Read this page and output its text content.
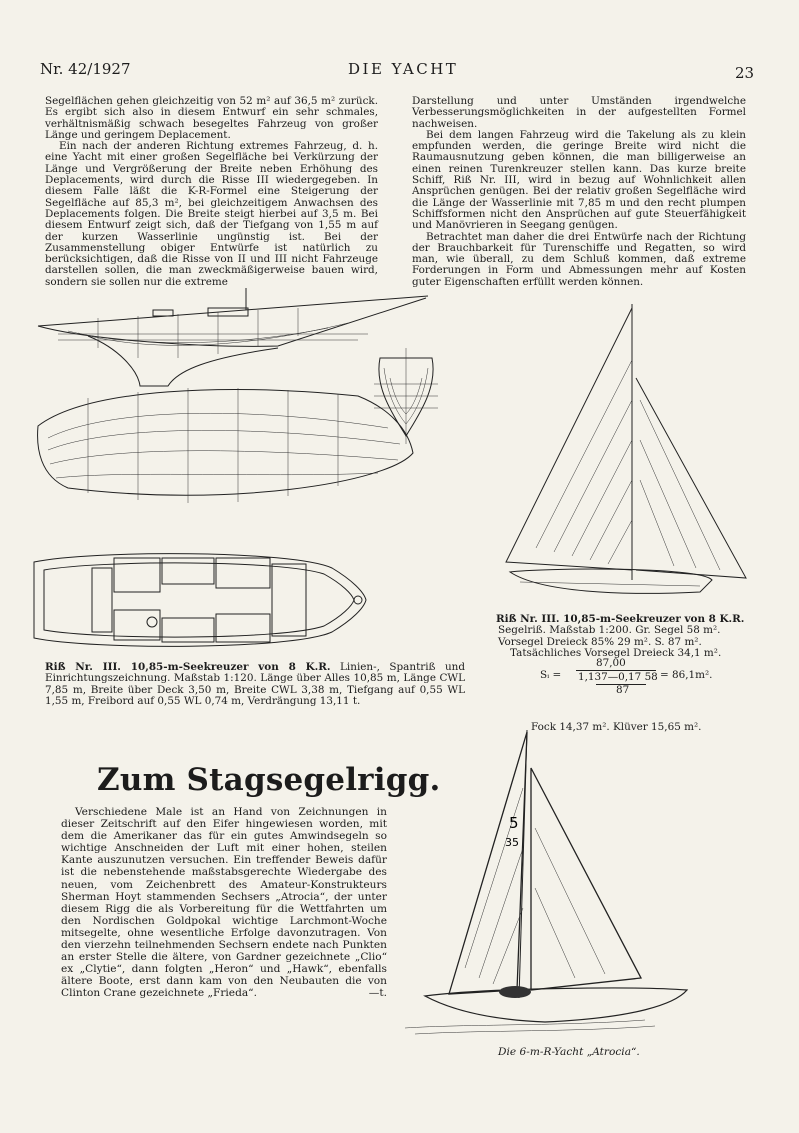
Nr. 42/1927	DIE YACHT	23

Segelflächen gehen gleichzeitig von 52 m² auf 36,5 m² zurück. Es ergibt sich also in diesem Entwurf ein sehr schmales, verhältnismäßig schwach besegeltes Fahrzeug von großer Länge und geringem Deplacement.

Ein nach der anderen Richtung extremes Fahrzeug, d. h. eine Yacht mit einer großen Segelfläche bei Verkürzung der Länge und Vergrößerung der Breite neben Erhöhung des Deplacements, wird durch die Risse III wiedergegeben. In diesem Falle läßt die K-R-Formel eine Steigerung der Segelfläche auf 85,3 m², bei gleichzeitigem Anwachsen des Deplacements folgen. Die Breite steigt hierbei auf 3,5 m. Bei diesem Entwurf zeigt sich, daß der Tiefgang von 1,55 m auf der kurzen Wasserlinie ungünstig ist. Bei der Zusammenstellung obiger Entwürfe ist natürlich zu berücksichtigen, daß die Risse von II und III nicht Fahrzeuge darstellen sollen, die man zweckmäßigerweise bauen wird, sondern sie sollen nur die extreme

Darstellung und unter Umständen irgendwelche Verbesserungsmöglichkeiten in der aufgestellten Formel nachweisen.

Bei dem langen Fahrzeug wird die Takelung als zu klein empfunden werden, die geringe Breite wird nicht die Raumausnutzung geben können, die man billigerweise an einen reinen Turenkreuzer stellen kann. Das kurze breite Schiff, Riß Nr. III, wird in bezug auf Wohnlichkeit allen Ansprüchen genügen. Bei der relativ großen Segelfläche wird die Länge der Wasserlinie mit 7,85 m und den recht plumpen Schiffsformen nicht den Ansprüchen auf gute Steuerfähigkeit und Manövrieren in Seegang genügen.

Betrachtet man daher die drei Entwürfe nach der Richtung der Brauchbarkeit für Turenschiffe und Regatten, so wird man, wie überall, zu dem Schluß kommen, daß extreme Forderungen in Form und Abmessungen mehr auf Kosten guter Eigenschaften erfüllt werden können.

Riß Nr. III. 10,85-m-Seekreuzer von 8 K.R. Linien-, Spantriß und Einrichtungszeichnung. Maßstab 1:120. Länge über Alles 10,85 m, Länge CWL 7,85 m, Breite über Deck 3,50 m, Breite CWL 3,38 m, Tiefgang auf 0,55 WL 1,55 m, Freibord auf 0,55 WL 0,74 m, Verdrängung 13,11 t.
Riß Nr. III. 10,85-m-Seekreuzer von 8 K.R.
Segelriß. Maßstab 1:200. Gr. Segel 58 m².
Vorsegel Dreieck 85% 29 m². S. 87 m².
Tatsächliches Vorsegel Dreieck 34,1 m².
Sᵢ =
87,00
1,137—0,17 58 = 86,1m².
87
Fock 14,37 m². Klüver 15,65 m².
Zum Stagsegelrigg.

Verschiedene Male ist an Hand von Zeichnungen in dieser Zeitschrift auf den Eifer hingewiesen worden, mit dem die Amerikaner das für ein gutes Amwindsegeln so wichtige Anschneiden der Luft mit einer hohen, steilen Kante auszunutzen versuchen. Ein treffender Beweis dafür ist die nebenstehende maßstabsgerechte Wiedergabe des neuen, vom Zeichenbrett des Amateur-Konstrukteurs Sherman Hoyt stammenden Sechsers „Atrocia“, der unter diesem Rigg die als Vorbereitung für die Wettfahrten um den Nordischen Goldpokal wichtige Larchmont-Woche mitsegelte, ohne wesentliche Erfolge davonzutragen. Von den vierzehn teilnehmenden Sechsern endete nach Punkten an erster Stelle die ältere, von Gardner gezeichnete „Clio“ ex „Clytie“, dann folgten „Heron“ und „Hawk“, ebenfalls ältere Boote, erst dann kam von den Neubauten die von Clinton Crane gezeichnete „Frieda“.	—t.

5
35
Die 6-m-R-Yacht „Atrocia“.
